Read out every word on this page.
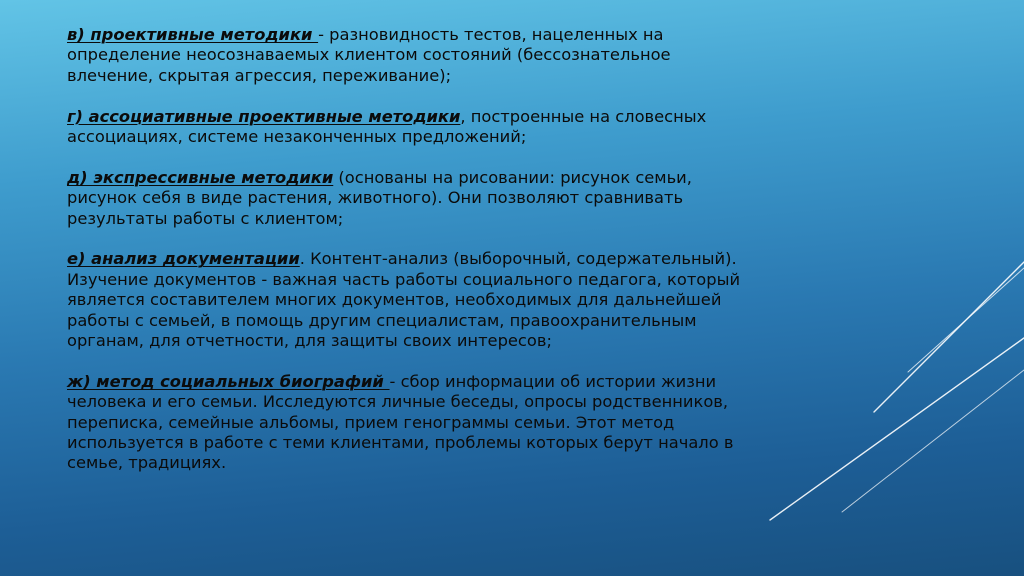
в) проективные методики - разновидность тестов, нацеленных на определение неосознаваемых клиентом состояний (бессознательное влечение, скрытая агрессия, переживание);

г) ассоциативные проективные методики, построенные на словесных ассоциациях, системе незаконченных предложений;

д) экспрессивные методики (основаны на рисовании: рисунок семьи, рисунок себя в виде растения, животного). Они позволяют сравнивать результаты работы с клиентом;

е) анализ документации. Контент-анализ (выборочный, содержательный). Изучение документов - важная часть работы социального педагога, который является составителем многих документов, необходимых для дальнейшей работы с семьей, в помощь другим специалистам, правоохранительным органам, для отчетности, для защиты своих интересов;

ж) метод социальных биографий - сбор информации об истории жизни человека и его семьи. Исследуются личные беседы, опросы родственников, переписка, семейные альбомы, прием генограммы семьи. Этот метод используется в работе с теми клиентами, проблемы которых берут начало в семье, традициях.
